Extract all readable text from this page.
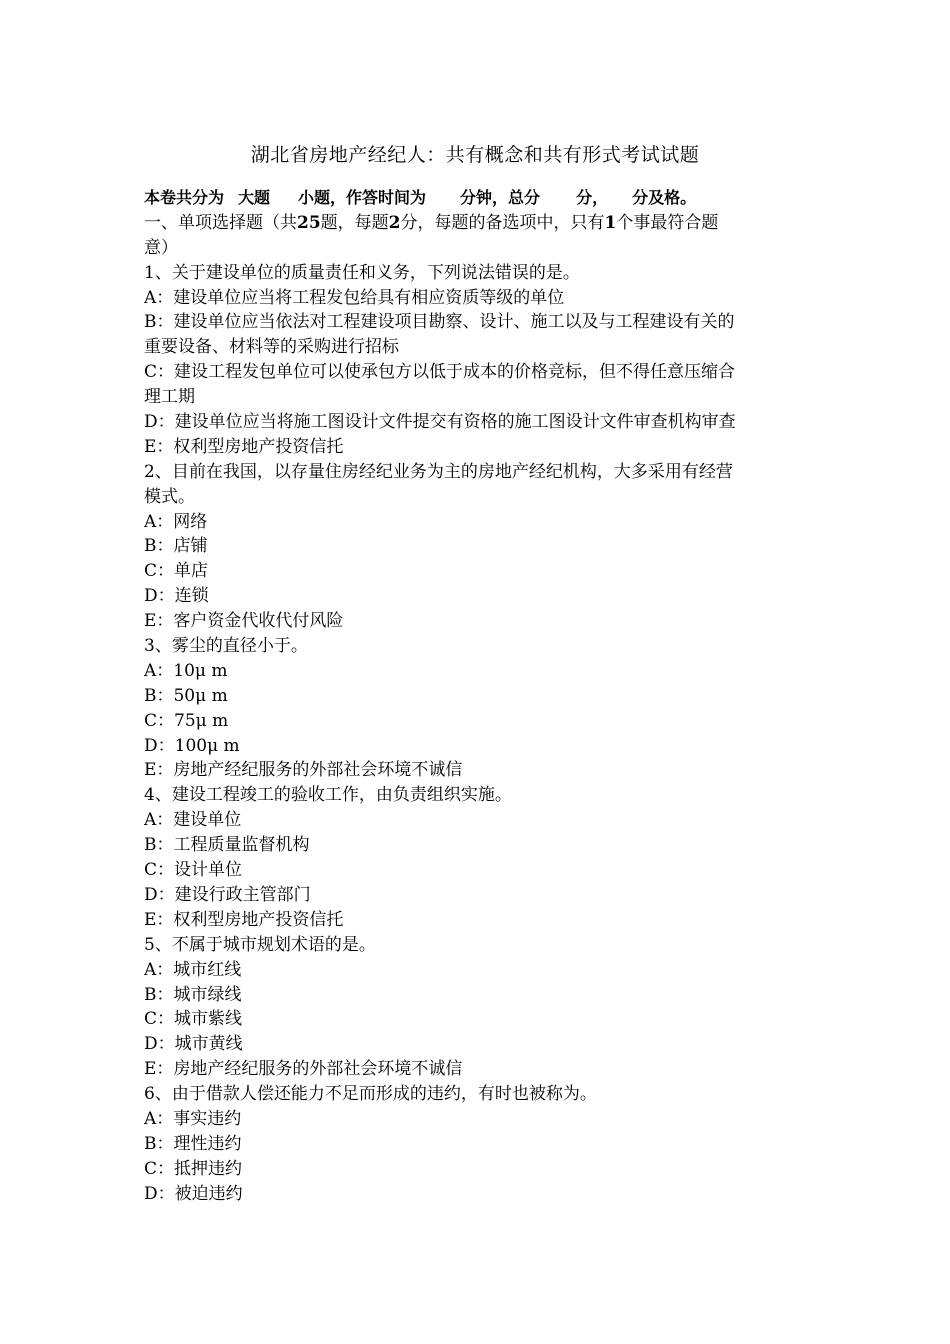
湖北省房地产经纪人：共有概念和共有形式考试试题
本卷共分为 大题 小题，作答时间为 分钟，总分 分， 分及格。
一、单项选择题（共25题，每题2分，每题的备选项中，只有1个事最符合题
意）
1、关于建设单位的质量责任和义务，下列说法错误的是。
A：建设单位应当将工程发包给具有相应资质等级的单位
B：建设单位应当依法对工程建设项目勘察、设计、施工以及与工程建设有关的
重要设备、材料等的采购进行招标
C：建设工程发包单位可以使承包方以低于成本的价格竞标，但不得任意压缩合
理工期
D：建设单位应当将施工图设计文件提交有资格的施工图设计文件审查机构审查
E：权利型房地产投资信托
2、目前在我国，以存量住房经纪业务为主的房地产经纪机构，大多采用有经营
模式。
A：网络
B：店铺
C：单店
D：连锁
E：客户资金代收代付风险
3、雾尘的直径小于。
A：10μ m
B：50μ m
C：75μ m
D：100μ m
E：房地产经纪服务的外部社会环境不诚信
4、建设工程竣工的验收工作，由负责组织实施。
A：建设单位
B：工程质量监督机构
C：设计单位
D：建设行政主管部门
E：权利型房地产投资信托
5、不属于城市规划术语的是。
A：城市红线
B：城市绿线
C：城市紫线
D：城市黄线
E：房地产经纪服务的外部社会环境不诚信
6、由于借款人偿还能力不足而形成的违约，有时也被称为。
A：事实违约
B：理性违约
C：抵押违约
D：被迫违约
